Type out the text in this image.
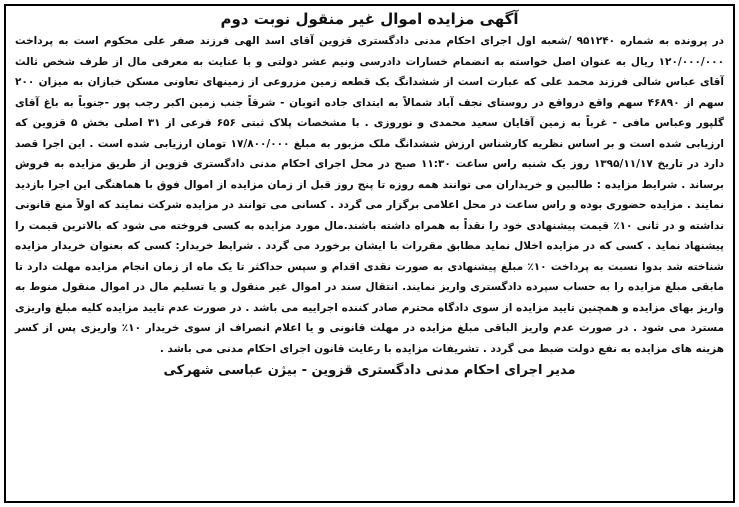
آگهی مزایده اموال غیر منقول نوبت دوم

در پرونده به شماره ۹۵۱۲۴۰ /شعبه اول اجرای احکام مدنی دادگستری قزوین آقای اسد الهی فرزند صفر علی محکوم است به پرداخت ۱۲۰/۰۰۰/۰۰۰ ریال به عنوان اصل خواسته به انضمام خسارات دادرسی ونیم عشر دولتی و با عنایت به معرفی مال از طرف شخص ثالث آقای عباس شالی فرزند محمد علی که عبارت است از ششدانگ یک قطعه زمین مزروعی از زمینهای تعاونی مسکن خبازان به میزان ۲۰۰ سهم از ۴۶۸۹۰ سهم واقع درواقع در روستای نجف آباد شمالاً به ابتدای جاده اتوبان - شرقاً جنب زمین اکبر رجب پور -جنوباً به باغ آقای گلپور وعباس مافی - غرباً به زمین آقایان سعید محمدی و نوروزی . با مشخصات پلاک ثبتی ۶۵۶ فرعی از ۳۱ اصلی بخش ۵ قزوین که ارزیابی شده است و بر اساس نظریه کارشناس ارزش ششدانگ ملک مزبور به مبلغ ۱۷/۸۰۰/۰۰۰ تومان ارزیابی شده است . این اجرا قصد دارد در تاریخ ۱۳۹۵/۱۱/۱۷ روز یک شنبه راس ساعت ۱۱:۳۰ صبح در محل اجرای احکام مدنی دادگستری قزوین از طریق مزایده به فروش برساند . شرایط مزایده : طالبین و خریداران می توانند همه روزه تا پنج روز قبل از زمان مزایده از اموال فوق با هماهنگی این اجرا بازدید نمایند . مزایده حضوری بوده و راس ساعت در محل اعلامی برگزار می گردد . کسانی می توانند در مزایده شرکت نمایند که اولاً منع قانونی نداشته و در ثانی ۱۰٪ قیمت پیشنهادی خود را نقداً به همراه داشته باشند.مال مورد مزایده به کسی فروخته می شود که بالاترین قیمت را پیشنهاد نماید . کسی که در مزایده اخلال نماید مطابق مقررات با ایشان برخورد می گردد . شرایط خریدار: کسی که بعنوان خریدار مزایده شناخته شد بدوا نسبت به پرداخت ۱۰٪ مبلغ پیشنهادی به صورت نقدی اقدام و سپس حداکثر تا یک ماه از زمان انجام مزایده مهلت دارد تا مابقی مبلغ مزایده را به حساب سپرده دادگستری واریز نمایند. انتقال سند در اموال غیر منقول و یا تسلیم مال در اموال منقول منوط به واریز بهای مزایده و همچنین تایید مزایده از سوی دادگاه محترم صادر کننده اجراییه می باشد . در صورت عدم تایید مزایده کلیه مبلغ واریزی مسترد می شود . در صورت عدم واریز الباقی مبلغ مزایده در مهلت قانونی و یا اعلام انصراف از سوی خریدار ۱۰٪ واریزی پس از کسر هزینه های مزایده به نفع دولت ضبط می گردد . تشریفات مزایده با رعایت قانون اجرای احکام مدنی می باشد .

مدیر اجرای احکام مدنی دادگستری قزوین - بیژن عباسی شهرکی
